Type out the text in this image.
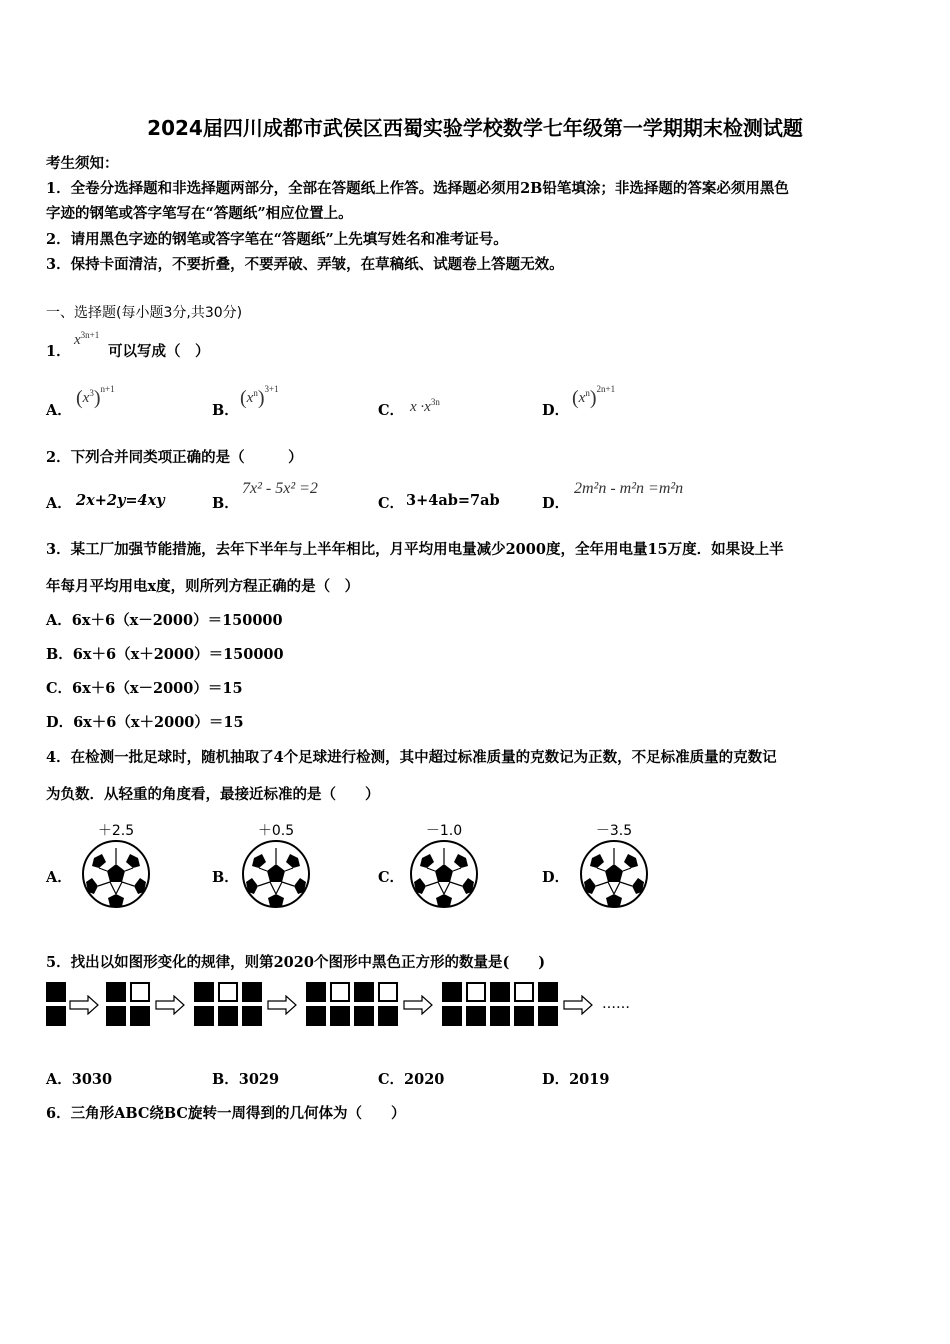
2024届四川成都市武侯区西蜀实验学校数学七年级第一学期期末检测试题
考生须知：
1．全卷分选择题和非选择题两部分，全部在答题纸上作答。选择题必须用2B铅笔填涂；非选择题的答案必须用黑色
字迹的钢笔或答字笔写在“答题纸”相应位置上。
2．请用黑色字迹的钢笔或答字笔在“答题纸”上先填写姓名和准考证号。
3．保持卡面清洁，不要折叠，不要弄破、弄皱，在草稿纸、试题卷上答题无效。
一、选择题(每小题3分,共30分)
1．
$x^{3n+1}$
可以写成（　）
A．
$(x^3)^{n+1}$
B．
$(x^n)^{3+1}$
C． $x \cdot x^{3n}$	D．
$(x^n)^{2n+1}$
2．下列合并同类项正确的是（　　　）
A． 2x+2y=4xy	B．
7x² - 5x² =2
C． 3+4ab=7ab	D．
2m²n - m²n =m²n
3．某工厂加强节能措施，去年下半年与上半年相比，月平均用电量减少2000度，全年用电量15万度．如果设上半
年每月平均用电x度，则所列方程正确的是（　）
A．6x＋6（x－2000）＝150000
B．6x＋6（x＋2000）＝150000
C．6x＋6（x－2000）＝15
D．6x＋6（x＋2000）＝15
4．在检测一批足球时，随机抽取了4个足球进行检测，其中超过标准质量的克数记为正数，不足标准质量的克数记
为负数．从轻重的角度看，最接近标准的是（　　）
A．
＋2.5
B．
＋0.5
C．
－1.0
D．
－3.5
5．找出以如图形变化的规律，则第2020个图形中黑色正方形的数量是(　　)
……
A．3030	B．3029	C．2020	D．2019
6．三角形ABC绕BC旋转一周得到的几何体为（　　）
